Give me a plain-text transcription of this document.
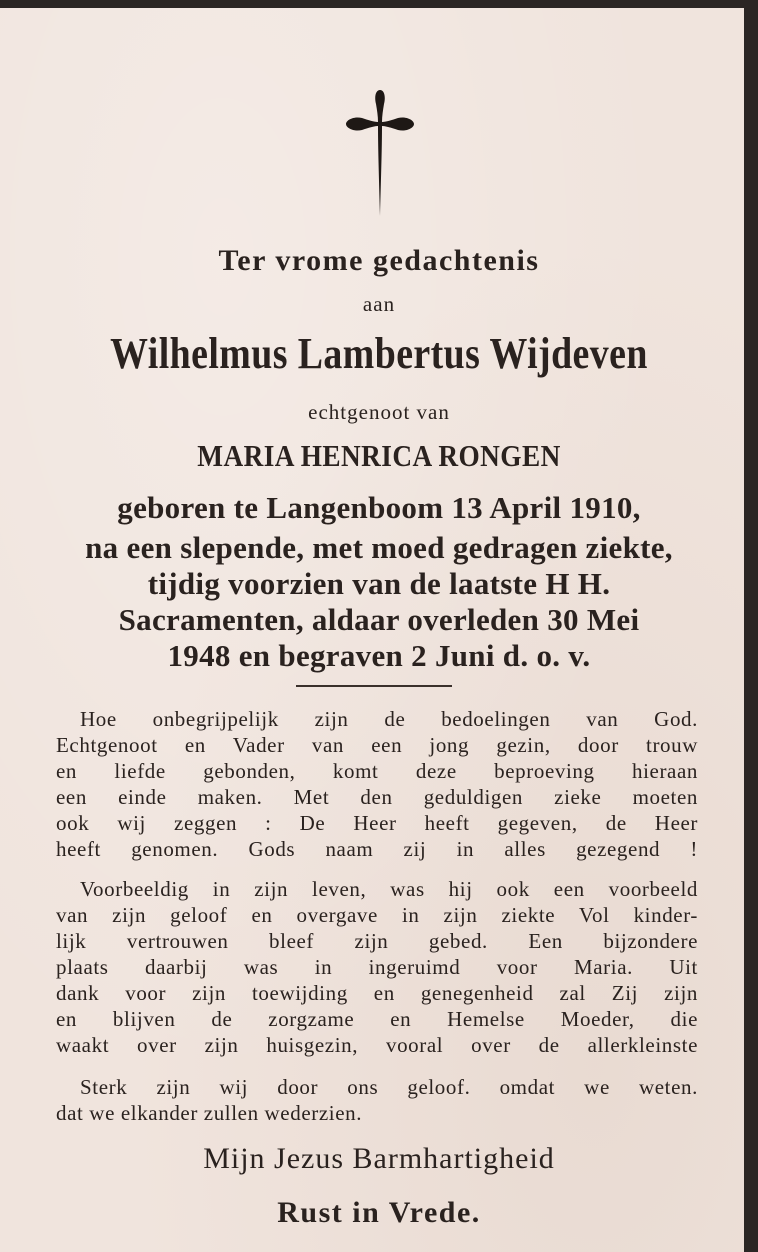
Ter vrome gedachtenis

aan

Wilhelmus Lambertus Wijdeven

echtgenoot van

MARIA HENRICA RONGEN

geboren te Langenboom 13 April 1910,

na een slepende, met moed gedragen ziekte,

tijdig voorzien van de laatste H H.

Sacramenten, aldaar overleden 30 Mei

1948 en begraven 2 Juni d. o. v.

Hoe onbegrijpelijk zijn de bedoelingen van God.
Echtgenoot en Vader van een jong gezin, door trouw
en liefde gebonden, komt deze beproeving hieraan
een einde maken. Met den geduldigen zieke moeten
ook wij zeggen : De Heer heeft gegeven, de Heer
heeft genomen. Gods naam zij in alles gezegend !
Voorbeeldig in zijn leven, was hij ook een voorbeeld
van zijn geloof en overgave in zijn ziekte Vol kinder-
lijk vertrouwen bleef zijn gebed. Een bijzondere
plaats daarbij was in ingeruimd voor Maria. Uit
dank voor zijn toewijding en genegenheid zal Zij zijn
en blijven de zorgzame en Hemelse Moeder, die
waakt over zijn huisgezin, vooral over de allerkleinste
Sterk zijn wij door ons geloof. omdat we weten.
dat we elkander zullen wederzien.

Mijn Jezus Barmhartigheid

Rust in Vrede.
